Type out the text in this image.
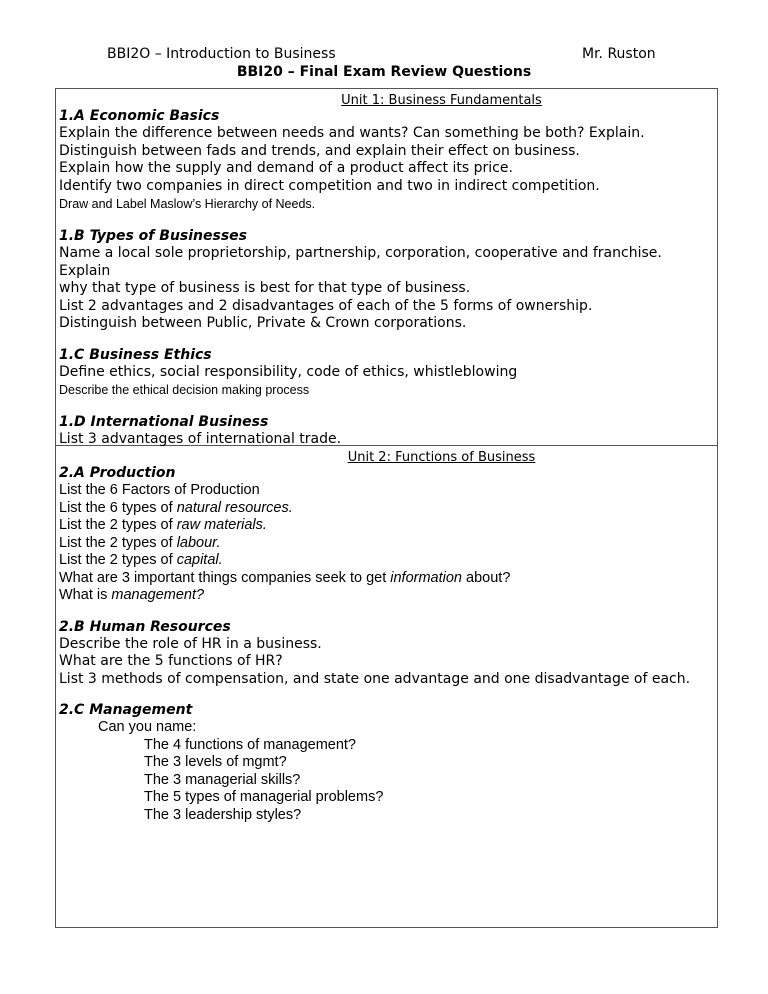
BBI2O – Introduction to Business	Mr. Ruston
BBI20 – Final Exam Review Questions
Unit 1: Business Fundamentals
1.A Economic Basics
Explain the difference between needs and wants? Can something be both? Explain.
Distinguish between fads and trends, and explain their effect on business.
Explain how the supply and demand of a product affect its price.
Identify two companies in direct competition and two in indirect competition.
Draw and Label Maslow’s Hierarchy of Needs.
1.B Types of Businesses
Name a local sole proprietorship, partnership, corporation, cooperative and franchise. Explain
why that type of business is best for that type of business.
List 2 advantages and 2 disadvantages of each of the 5 forms of ownership.
Distinguish between Public, Private & Crown corporations.
1.C Business Ethics
Define ethics, social responsibility, code of ethics, whistleblowing
Describe the ethical decision making process
1.D International Business
List 3 advantages of international trade.
Unit 2: Functions of Business
2.A Production
List the 6 Factors of Production
List the 6 types of natural resources.
List the 2 types of raw materials.
List the 2 types of labour.
List the 2 types of capital.
What are 3 important things companies seek to get information about?
What is management?
2.B Human Resources
Describe the role of HR in a business.
What are the 5 functions of HR?
List 3 methods of compensation, and state one advantage and one disadvantage of each.
2.C Management
Can you name:
The 4 functions of management?
The 3 levels of mgmt?
The 3 managerial skills?
The 5 types of managerial problems?
The 3 leadership styles?
